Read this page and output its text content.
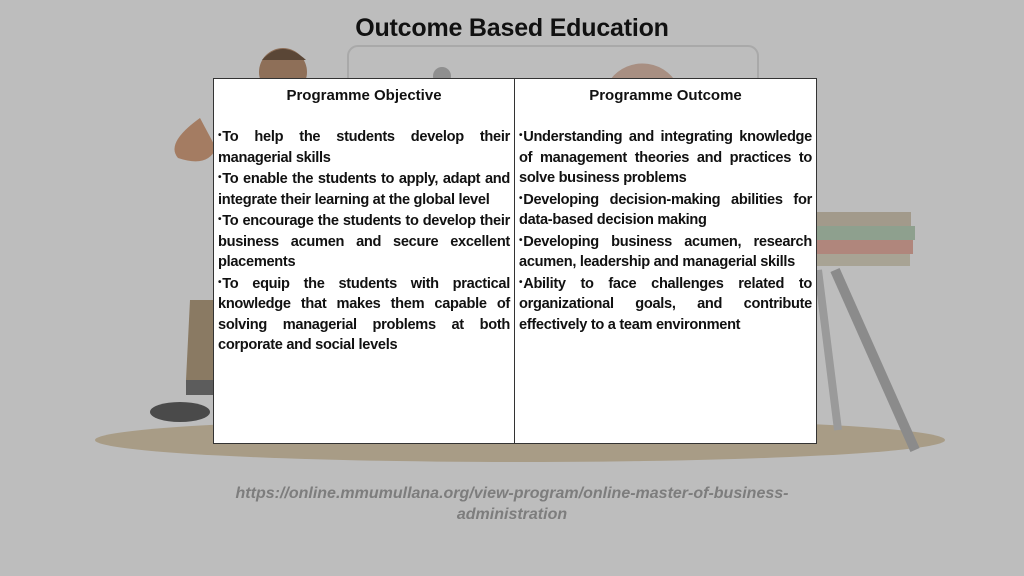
Outcome Based Education
Programme Objective
•To help the students develop their managerial skills
•To enable the students to apply, adapt and integrate their learning at the global level
•To encourage the students to develop their business acumen and secure excellent placements
•To equip the students with practical knowledge that makes them capable of solving managerial problems at both corporate and social levels
Programme Outcome
•Understanding and integrating knowledge of management theories and practices to solve business problems
•Developing decision-making abilities for data-based decision making
•Developing business acumen, research acumen, leadership and managerial skills
•Ability to face challenges related to organizational goals, and contribute effectively to a team environment
https://online.mmumullana.org/view-program/online-master-of-business-
administration
